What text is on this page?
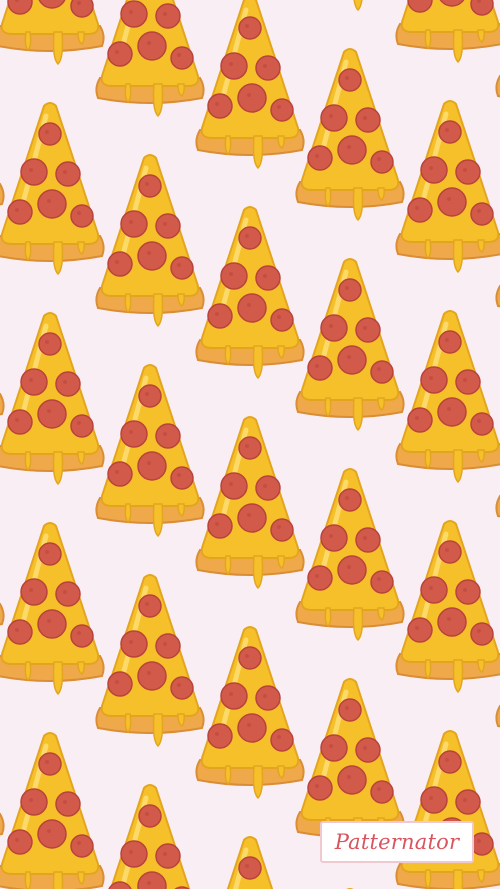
Patternator
